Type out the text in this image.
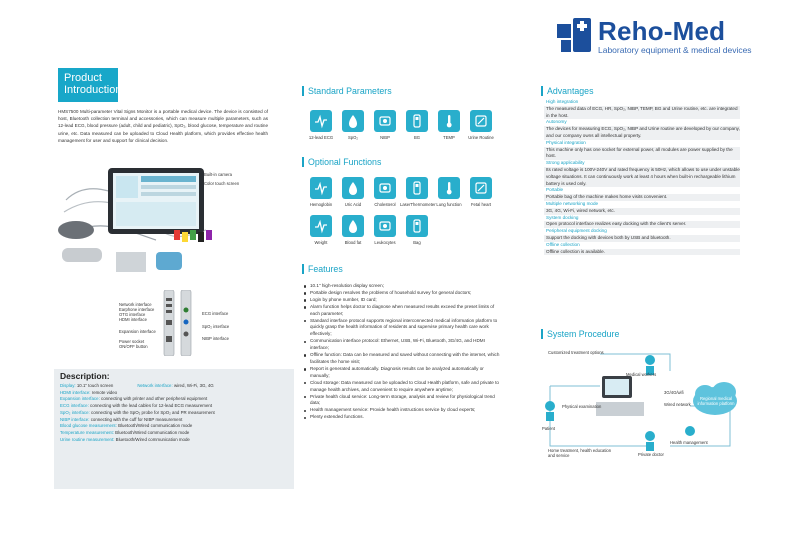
Reho-Med
Laboratory equipment & medical devices
Product
Introduction
HMS7500 Multi-parameter Vital Signs Monitor is a portable medical device. The device is consisted of host, Bluetooth collection terminal and accessories, which can measure multiple parameters, such as 12-lead ECG, blood pressure (adult, child and pediatric), SpO₂, blood glucose, temperature and routine urine, etc. Data measured can be uploaded to Cloud Health platform, which provides effective health management for user and support for clinical decision.
Built-in camera
Color touch screen
Network interface
Earphone interface
OTG interface
HDMI interface
Expansion interface
Power socket
ON/OFF button
ECG interface
SpO₂ interface
NIBP interface
Description:
Display: 10.1" touch screen	Network interface: wired, Wi-Fi, 3G, 4G
HDMI interface: remote video
Expansion interface: connecting with printer and other peripheral equipment
ECG interface: connecting with the lead cables for 12-lead ECG measurement
SpO₂ interface: connecting with the SpO₂ probe for SpO₂ and PR measurement
NIBP interface: connecting with the cuff for NIBP measurement
Blood glucose measurement: Bluetooth/Wired communication mode
Temperature measurement: Bluetooth/Wired communication mode
Urine routine measurement: Bluetooth/Wired communication mode
Standard Parameters
12-lead ECG	SpO₂	NIBP	BG	TEMP	Urine Routine
Optional Functions
Hemoglobin	Uric Acid	Cholesterol	LaserThermometer Lung function	Fetal heart
Weight	Blood fat	Leukocytes	Bag
Features
10.1" high-resolution display screen;
Portable design resolves the problems of household survey for general doctors;
Login by phone number, ID card;
Alarm function helps doctor to diagnose when measured results exceed the preset limits of each parameter;
Standard interface protocol supports regional interconnected medical information platform to quickly grasp the health information of residents and supervise primary health care work effectively;
Communication interface protocol: Ethernet, USB, Wi-Fi, Bluetooth, 3G/4G, and HDMI interface;
Offline function: Data can be measured and saved without connecting with the internet, which facilitates the home visit;
Report is generated automatically. Diagnosis results can be analyzed automatically or manually;
Cloud storage: Data measured can be uploaded to Cloud Health platform, safe and private to manage health archives, and convenient to require anywhere anytime;
Private health cloud service: Long-term storage, analysis and review for physiological trend data;
Health management service: Provide health instructions service by cloud experts;
Plenty extended functions.
Advantages
High integration
The measured data of ECG, HR, SpO₂, NIBP, TEMP, BG and Urine routine, etc. are integrated in the host.
Autonomy
The devices for measuring ECG, SpO₂, NIBP and Urine routine are developed by our company, and our company owns all intellectual property.
Physical integration
This machine only has one socket for external power, all modules are power supplied by the host.
Strong applicability
Its rated voltage is 100V-240V and rated frequency is 50Hz, which allows to use under unstable voltage situations. It can continuously work at least 4 hours when built-in rechargeable lithium battery is used only.
Portable
Portable bag of the machine makes home visits convenient.
Multiple networking mode
3G, 4G, Wi-Fi, wired network, etc.
System docking
Open protocol interface realizes easy docking with the client's server.
Peripheral equipment docking
Support the docking with devices both by USB and bluetooth.
Offline collection
Offline collection is available.
System Procedure
Customized treatment options
Medical workers
Patient
Physical examination
3G/4G/wifi
Wired network
Regional medical information platform
Health management
Home treatment, health education and service	Private doctor
